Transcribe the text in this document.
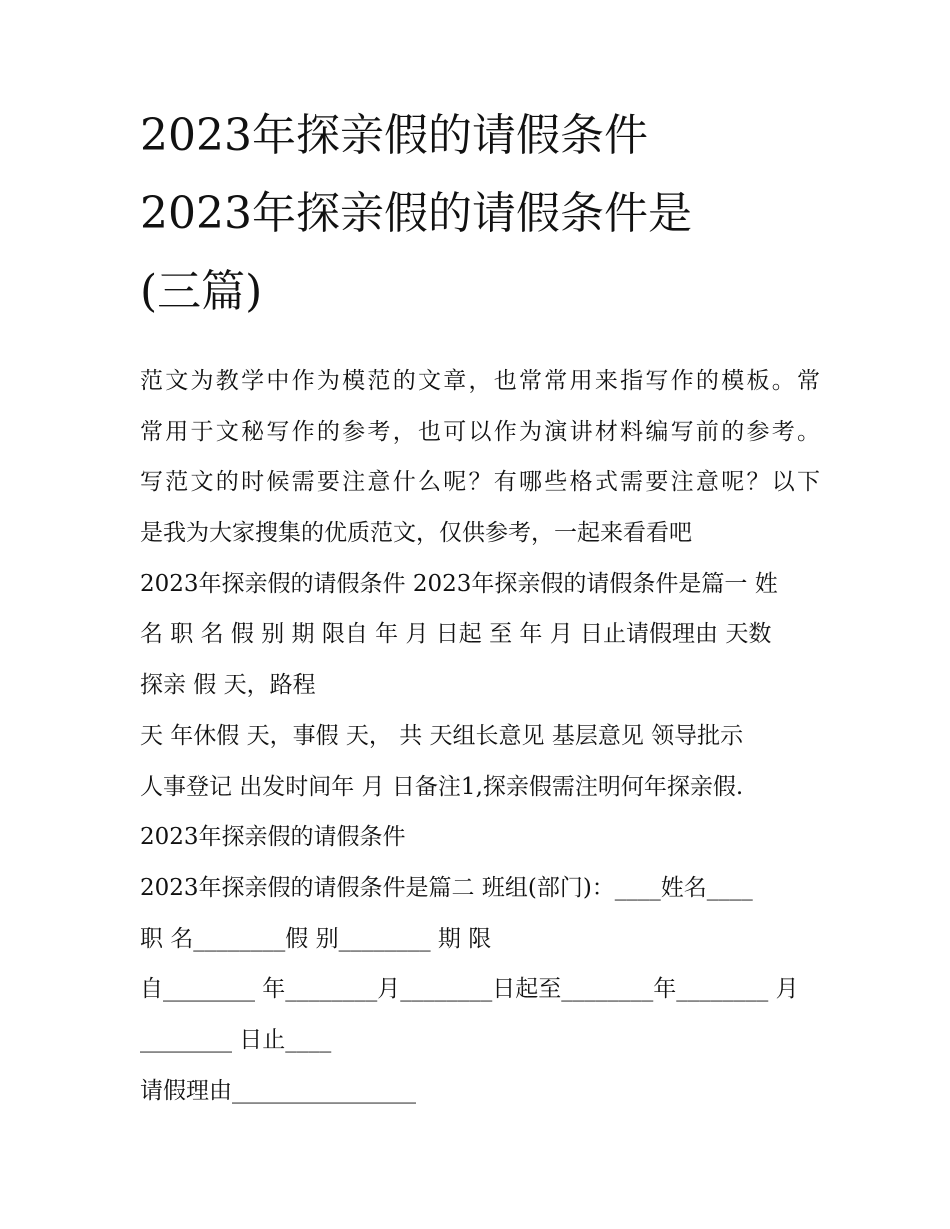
2023年探亲假的请假条件
2023年探亲假的请假条件是
(三篇)
范文为教学中作为模范的文章，也常常用来指写作的模板。常
常用于文秘写作的参考，也可以作为演讲材料编写前的参考。
写范文的时候需要注意什么呢？有哪些格式需要注意呢？以下
是我为大家搜集的优质范文，仅供参考，一起来看看吧
2023年探亲假的请假条件 2023年探亲假的请假条件是篇一 姓
名 职 名 假 别 期 限自 年 月 日起 至 年 月 日止请假理由 天数
探亲 假 天，路程
天 年休假 天，事假 天， 共 天组长意见 基层意见 领导批示
人事登记 出发时间年 月 日备注1,探亲假需注明何年探亲假.
2023年探亲假的请假条件
2023年探亲假的请假条件是篇二 班组(部门)：____姓名____
职 名________假 别________ 期 限
自________ 年________月________日起至________年________ 月
________ 日止____
请假理由________________
